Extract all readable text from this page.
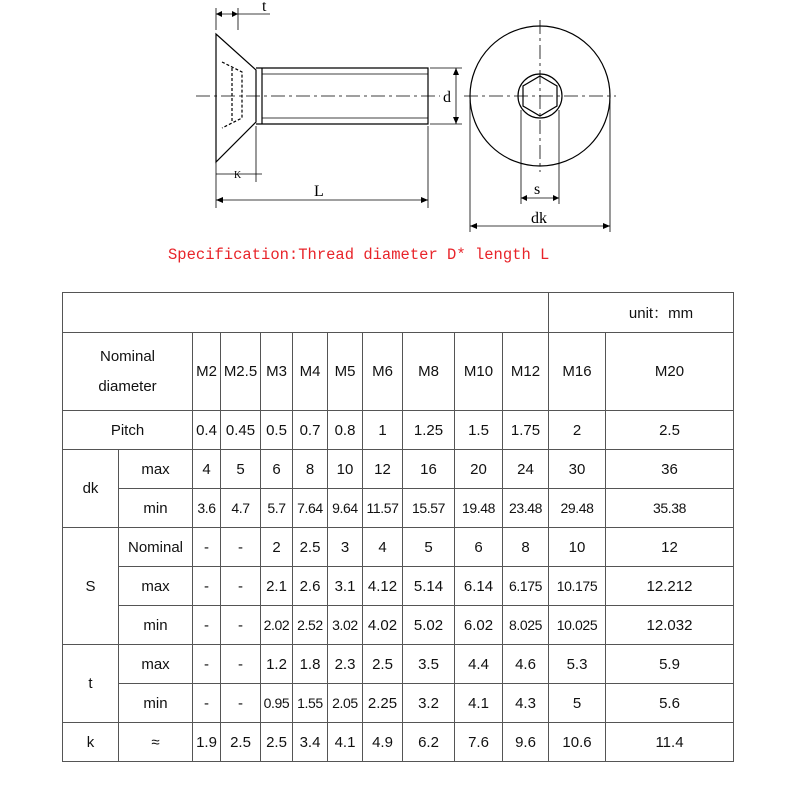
t
d
K
L	s
dk
Specification:Thread diameter D* length L
											unit：mm	

Nominal
diameter		M2	M2.5	M3	M4	M5	M6	M8	M10	M12	M16	M20
Pitch		0.4	0.45	0.5	0.7	0.8	1	1.25	1.5	1.75	2	2.5
dk	max	4	5	6	8	10	12	16	20	24	30	36
	min	3.6	4.7	5.7	7.64	9.64	11.57	15.57	19.48	23.48	29.48	35.38
S	Nominal	-	-	2	2.5	3	4	5	6	8	10	12
	max	-	-	2.1	2.6	3.1	4.12	5.14	6.14	6.175	10.175	12.212
	min	-	-	2.02	2.52	3.02	4.02	5.02	6.02	8.025	10.025	12.032
t	max	-	-	1.2	1.8	2.3	2.5	3.5	4.4	4.6	5.3	5.9
	min	-	-	0.95	1.55	2.05	2.25	3.2	4.1	4.3	5	5.6
k	≈	1.9	2.5	2.5	3.4	4.1	4.9	6.2	7.6	9.6	10.6	11.4
